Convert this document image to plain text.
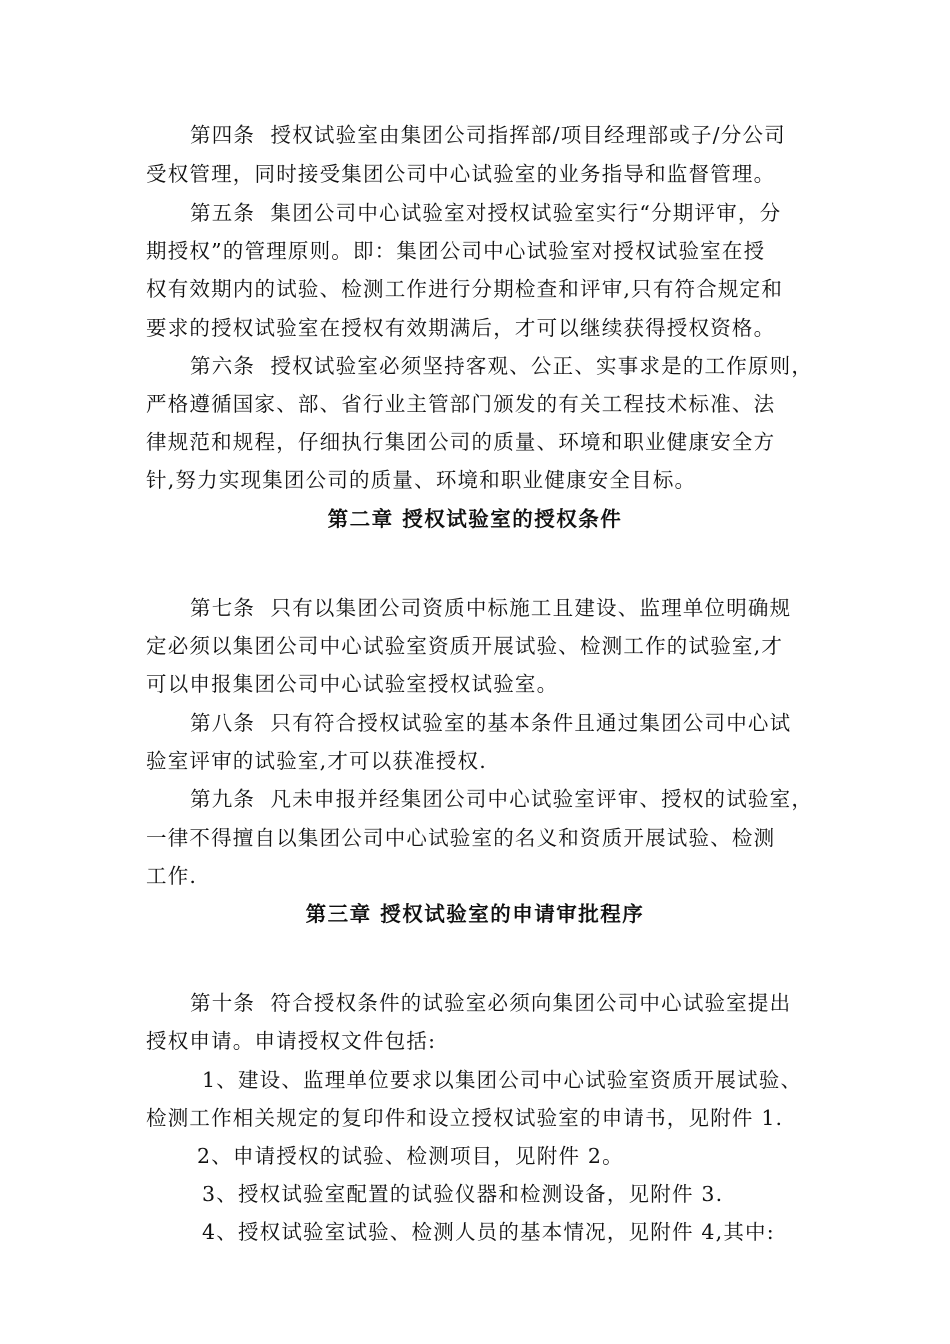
第四条  授权试验室由集团公司指挥部/项目经理部或子/分公司
受权管理，同时接受集团公司中心试验室的业务指导和监督管理。
第五条  集团公司中心试验室对授权试验室实行“分期评审，分
期授权”的管理原则。即：集团公司中心试验室对授权试验室在授
权有效期内的试验、检测工作进行分期检查和评审,只有符合规定和
要求的授权试验室在授权有效期满后，才可以继续获得授权资格。
第六条  授权试验室必须坚持客观、公正、实事求是的工作原则，
严格遵循国家、部、省行业主管部门颁发的有关工程技术标准、法
律规范和规程，仔细执行集团公司的质量、环境和职业健康安全方
针,努力实现集团公司的质量、环境和职业健康安全目标。
第二章 授权试验室的授权条件
第七条  只有以集团公司资质中标施工且建设、监理单位明确规
定必须以集团公司中心试验室资质开展试验、检测工作的试验室,才
可以申报集团公司中心试验室授权试验室。
第八条  只有符合授权试验室的基本条件且通过集团公司中心试
验室评审的试验室,才可以获准授权.
第九条  凡未申报并经集团公司中心试验室评审、授权的试验室，
一律不得擅自以集团公司中心试验室的名义和资质开展试验、检测
工作.
第三章 授权试验室的申请审批程序
第十条  符合授权条件的试验室必须向集团公司中心试验室提出
授权申请。申请授权文件包括:
1、建设、监理单位要求以集团公司中心试验室资质开展试验、
检测工作相关规定的复印件和设立授权试验室的申请书，见附件 1.
2、申请授权的试验、检测项目，见附件 2。
3、授权试验室配置的试验仪器和检测设备，见附件 3.
4、授权试验室试验、检测人员的基本情况，见附件 4,其中:
